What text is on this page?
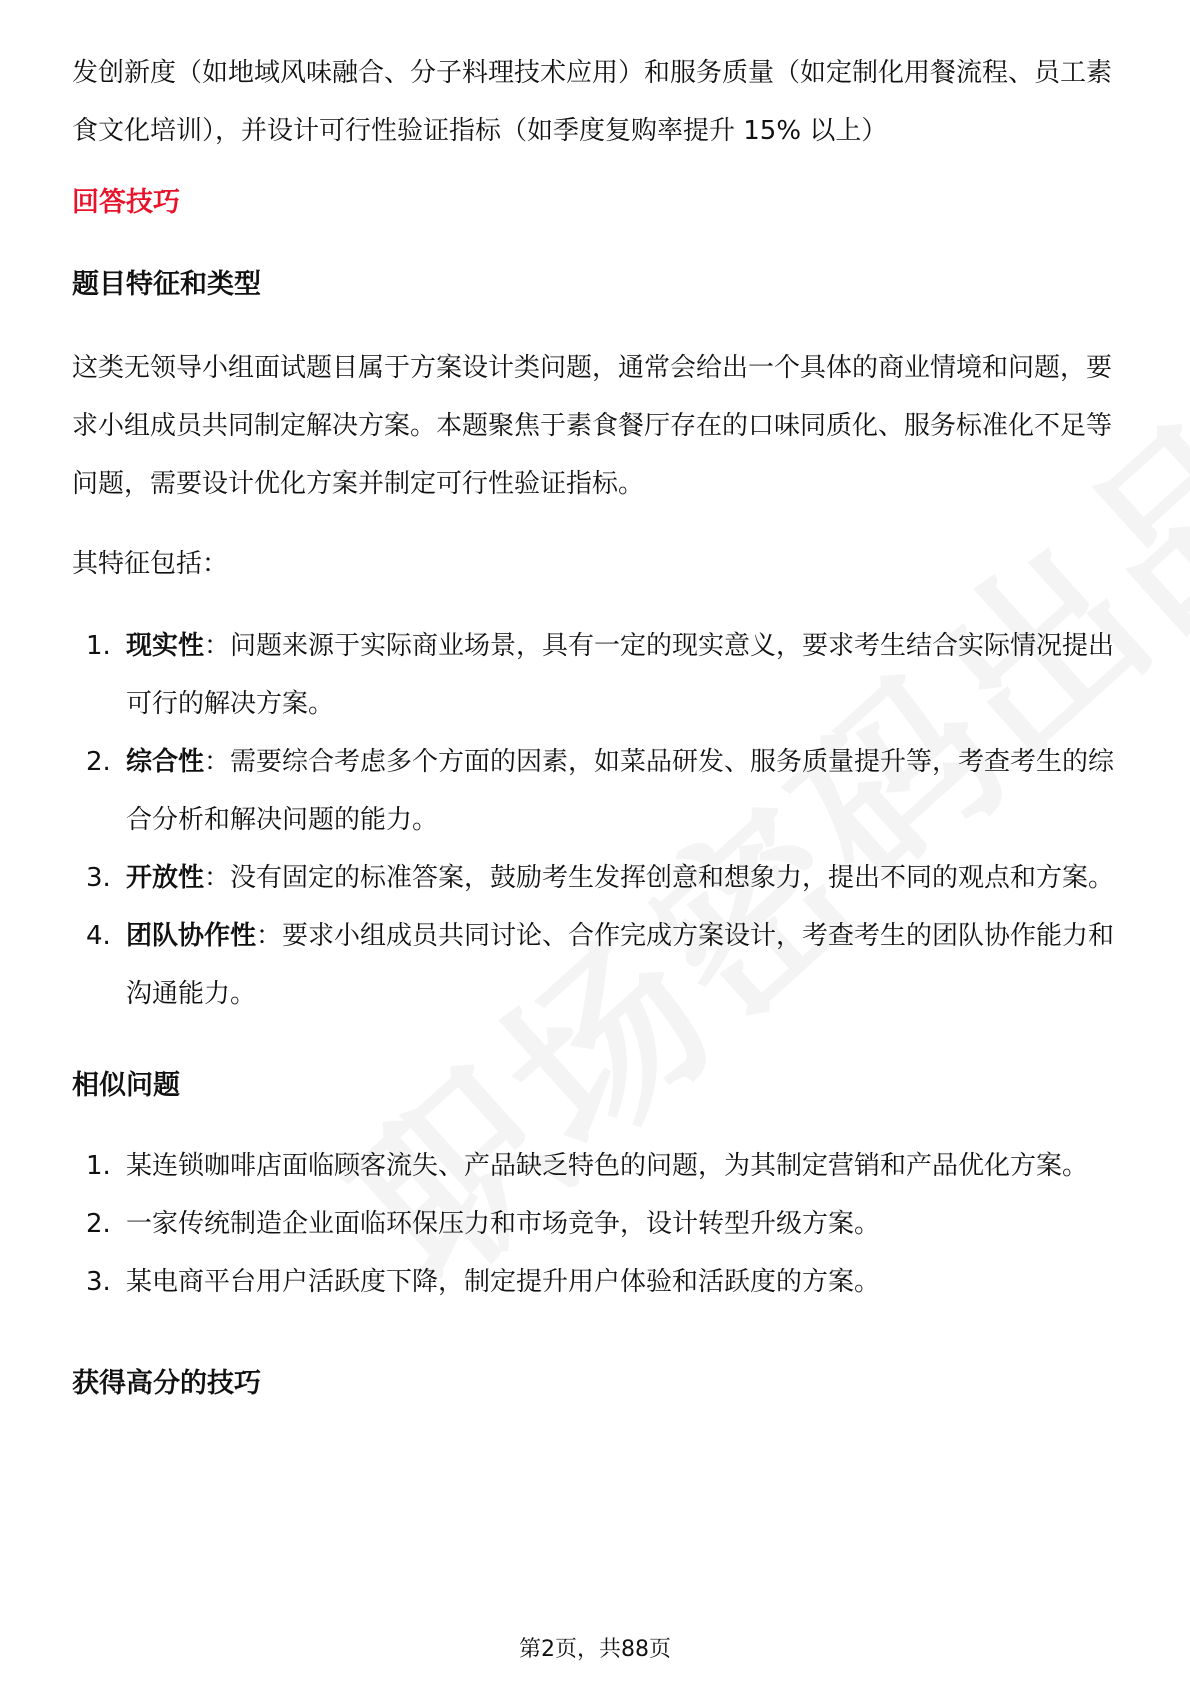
发创新度（如地域风味融合、分子料理技术应用）和服务质量（如定制化用餐流程、员工素食文化培训），并设计可行性验证指标（如季度复购率提升 15% 以上）

回答技巧

题目特征和类型

这类无领导小组面试题目属于方案设计类问题，通常会给出一个具体的商业情境和问题，要求小组成员共同制定解决方案。本题聚焦于素食餐厅存在的口味同质化、服务标准化不足等问题，需要设计优化方案并制定可行性验证指标。

其特征包括：

1. 现实性：问题来源于实际商业场景，具有一定的现实意义，要求考生结合实际情况提出可行的解决方案。
2. 综合性：需要综合考虑多个方面的因素，如菜品研发、服务质量提升等，考查考生的综合分析和解决问题的能力。
3. 开放性：没有固定的标准答案，鼓励考生发挥创意和想象力，提出不同的观点和方案。
4. 团队协作性：要求小组成员共同讨论、合作完成方案设计，考查考生的团队协作能力和沟通能力。

相似问题

1. 某连锁咖啡店面临顾客流失、产品缺乏特色的问题，为其制定营销和产品优化方案。
2. 一家传统制造企业面临环保压力和市场竞争，设计转型升级方案。
3. 某电商平台用户活跃度下降，制定提升用户体验和活跃度的方案。

获得高分的技巧

第2页，共88页
